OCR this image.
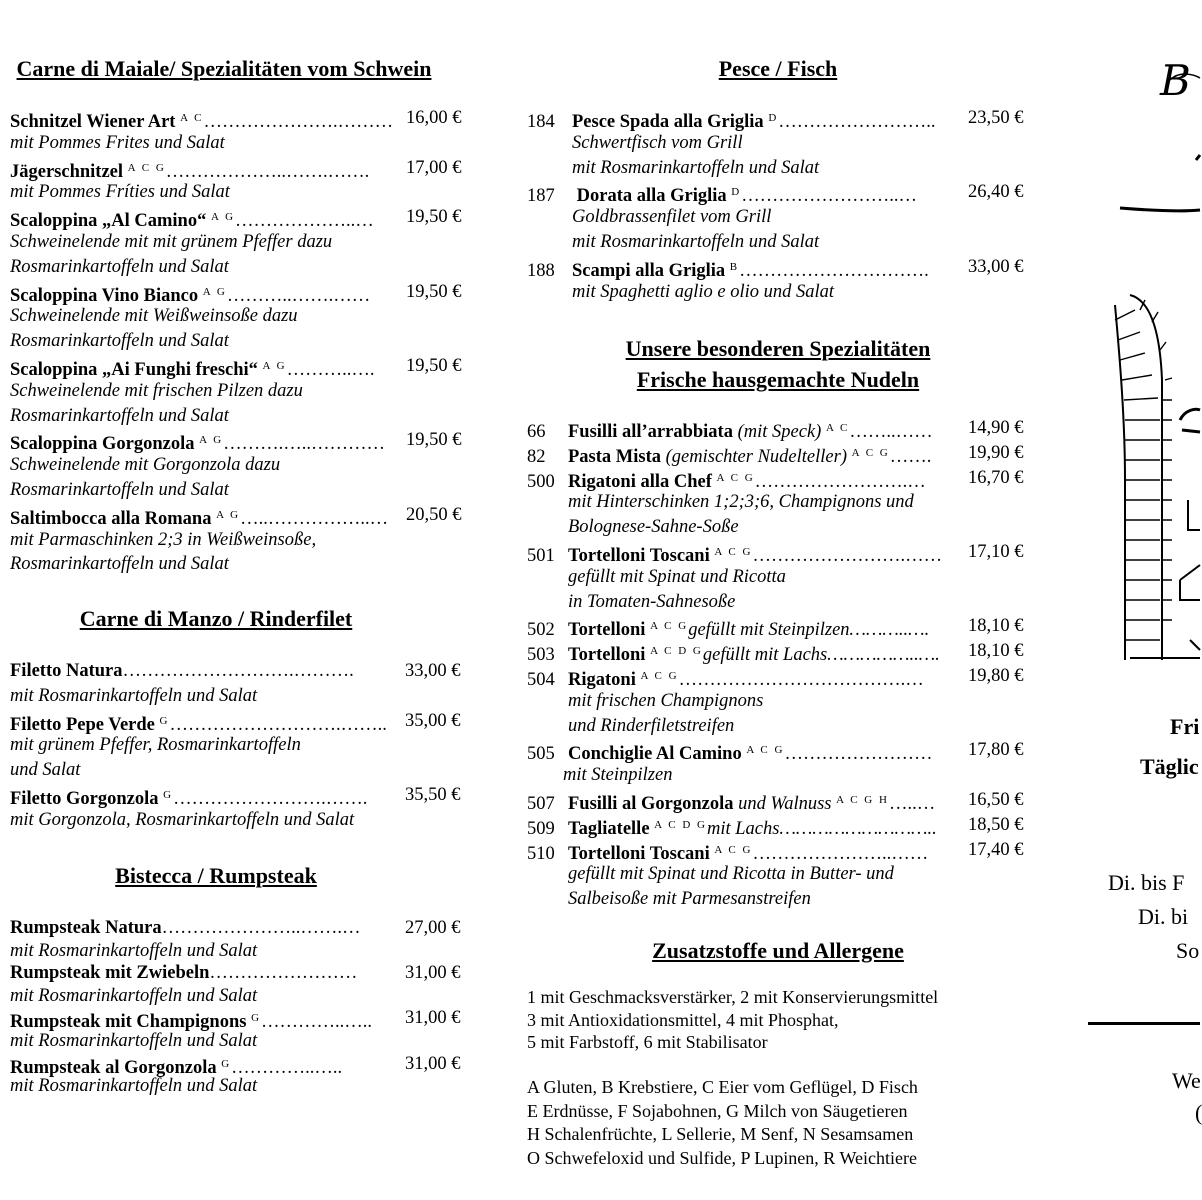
Carne di Maiale/ Spezialitäten vom Schwein
Schnitzel Wiener Art $^{A C}$………………….……… 16,00 €
mit Pommes Frites und Salat
Jägerschnitzel $^{A C G}$………………..…….……. 17,00 €
mit Pommes Fríties und Salat
Scaloppina „Al Camino“ $^{A G}$………………..… 19,50 €
Schweinelende mit mit grünem Pfeffer dazu
Rosmarinkartoffeln und Salat
Scaloppina Vino Bianco $^{A G}$………..…….…… 19,50 €
Schweinelende mit Weißweinsoße dazu
Rosmarinkartoffeln und Salat
Scaloppina „Ai Funghi freschi“ $^{A G}$………..…. 19,50 €
Schweinelende mit frischen Pilzen dazu
Rosmarinkartoffeln und Salat
Scaloppina Gorgonzola $^{A G}$……….…..………… 19,50 €
Schweinelende mit Gorgonzola dazu
Rosmarinkartoffeln und Salat
Saltimbocca alla Romana $^{A G}$…..……………..… 20,50 €
mit Parmaschinken 2;3 in Weißweinsoße,
Rosmarinkartoffeln und Salat
Carne di Manzo / Rinderfilet
Filetto Natura……………………….……….	33,00 €
mit Rosmarinkartoffeln und Salat
Filetto Pepe Verde $^G$……………………….…….. 35,00 €
mit grünem Pfeffer, Rosmarinkartoffeln
und Salat
Filetto Gorgonzola $^G$…………………….……. 35,50 €
mit Gorgonzola, Rosmarinkartoffeln und Salat
Bistecca / Rumpsteak
Rumpsteak Natura…………………..…….… 27,00 €
mit Rosmarinkartoffeln und Salat
Rumpsteak mit Zwiebeln……………………	31,00 €
mit Rosmarinkartoffeln und Salat
Rumpsteak mit Champignons $^G$…………..….. 31,00 €
mit Rosmarinkartoffeln und Salat
Rumpsteak al Gorgonzola $^G$…………..…..	31,00 €
mit Rosmarinkartoffeln und Salat
Pesce / Fisch
184 Pesce Spada alla Griglia $^D$…………………….. 23,50 €
Schwertfisch vom Grill
mit Rosmarinkartoffeln und Salat
187 Dorata alla Griglia $^D$……………………..…	26,40 €
Goldbrassenfilet vom Grill
mit Rosmarinkartoffeln und Salat
188 Scampi alla Griglia $^B$…………………………. 33,00 €
mit Spaghetti aglio e olio und Salat
Unsere besonderen Spezialitäten
Frische hausgemachte Nudeln
66 Fusilli all’arrabbiata (mit Speck) $^{A C}$……..…… 14,90 €
82 Pasta Mista (gemischter Nudelteller) $^{A C G}$……. 19,90 €
500 Rigatoni alla Chef $^{A C G}$…………………….… 16,70 €
mit Hinterschinken 1;2;3;6, Champignons und
Bolognese-Sahne-Soße
501 Tortelloni Toscani $^{A C G}$…………………….…… 17,10 €
gefüllt mit Spinat und Ricotta
in Tomaten-Sahnesoße
502 Tortelloni $^{A C G}$gefüllt mit Steinpilzen………..…. 18,10 €
503 Tortelloni $^{A C D G}$gefüllt mit Lachs……………..…. 18,10 €
504 Rigatoni $^{A C G}$……………………………….… 19,80 €
mit frischen Champignons
und Rinderfiletstreifen
505 Conchiglie Al Camino $^{A C G}$…………………… 17,80 €
mit Steinpilzen
507 Fusilli al Gorgonzola und Walnuss $^{A C G H}$…..… 16,50 €
509 Tagliatelle $^{A C D G}$mit Lachs……………………….. 18,50 €
510 Tortelloni Toscani $^{A C G}$…………………..…… 17,40 €
gefüllt mit Spinat und Ricotta in Butter- und
Salbeisoße mit Parmesanstreifen
Zusatzstoffe und Allergene
1 mit Geschmacksverstärker, 2 mit Konservierungsmittel
3 mit Antioxidationsmittel, 4 mit Phosphat,
5 mit Farbstoff, 6 mit Stabilisator
A Gluten, B Krebstiere, C Eier vom Geflügel, D Fisch
E Erdnüsse, F Sojabohnen, G Milch von Säugetieren
H Schalenfrüchte, L Sellerie, M Senf, N Sesamsamen
O Schwefeloxid und Sulfide, P Lupinen, R Weichtiere
B
Fri
Täglic
Di. bis F
Di. bi
So
We
(
